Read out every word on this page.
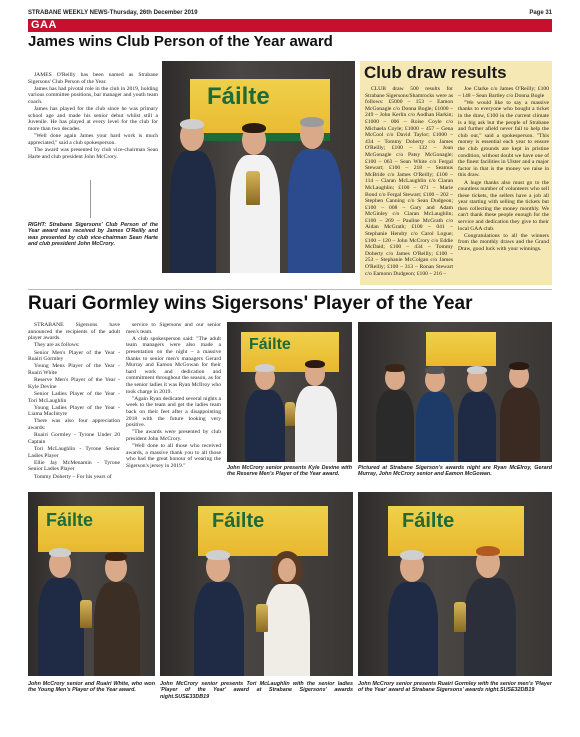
STRABANE WEEKLY NEWS-Thursday, 26th December 2019	Page 31
GAA
James wins Club Person of the Year award

JAMES O'Reilly has been named as Strabane Sigersons' Club Person of the Year.

James has had pivotal role in the club in 2019, holding various committee positions, bar manager and youth team coach.

James has played for the club since he was primary school age and made his senior debut whilst still a Juvenile. He has played at every level for the club for more than two decades.

"Well done again James your hard work is much appreciated," said a club spokesperson.

The award was presented by club vice-chairman Sean Harte and club president John McCrory.

Fáilte
RIGHT: Strabane Sigersons' Club Person of the Year award was received by James O'Reilly and was presented by club vice-chairman Sean Harte and club president John McCrory.
Club draw results

CLUB draw 500 results for Strabane Sigersons/Shamrocks were as follows: £5000 – 153 – Eamon McGonagle c/o Donna Bogle; £1000 – 249 – John Kerlin c/o Aodhan Harkin; £1000 – 006 – Roise Coyle c/o Michaela Coyle; £1000 – 457 – Gena McCool c/o David Taylor; £1000 – 434 – Tommy Doherty c/o James O'Reilly; £100 – 132 – Joan McGonagle c/o Patsy McGonagle; £100 – 063 – Sean White c/o Fergal Stewart; £100 – 218 – Seamus McBride c/o James O'Reilly; £100 – 114 – Ciaran McLaughlin c/o Ciaran McLaughlin; £100 – 071 – Marie Bond c/o Fergal Stewart; £100 – 202 – Stephen Canning c/o Sean Dudgeon; £100 – 008 – Gary and Adam McGinley c/o Ciaran McLaughlin; £100 – 269 – Pauline McGrath c/o Aidan McGrath; £100 – 041 – Stephanie Hendry c/o Carol Logue; £100 – 120 – John McCrory c/o Eddie McDaid; £100 – 434 – Tommy Doherty c/o James O'Reilly; £100 – 253 – Stephanie McColgan c/o James O'Reilly; £100 – 313 – Ronan Stewart c/o Eamonn Dudgeon; £100 – 216 –

Joe Clarke c/o James O'Reilly; £100 – 148 – Sean Bartley c/o Donna Bogle

"We would like to say a massive thanks to everyone who bought a ticket in the draw, £100 in the current climate is a big ask but the people of Strabane and further afield never fail to help the club out," said a spokesperson. "This money is essential each year to ensure the club grounds are kept in pristine condition, without doubt we have one of the finest facilities in Ulster and a major factor in that is the money we raise in this draw.

A huge thanks also must go to the countless number of volunteers who sell these tickets, the sellers have a job all year starting with selling the tickets but then collecting the money monthly. We can't thank these people enough for the service and dedication they give to their local GAA club.

Congratulations to all the winners from the monthly draws and the Grand Draw, good luck with your winnings.

Ruari Gormley wins Sigersons' Player of the Year

STRABANE Sigersons have announced the recipients of the adult player awards.

They are as follows:

Senior Men's Player of the Year - Ruairi Gormley

Young Mens Player of the Year - Ruairi White

Reserve Men's Player of the Year - Kyle Devine

Senior Ladies Player of the Year - Tori McLaughlin

Young Ladies Player of the Year - Liama MacIntyre

There was also four appreciation awards:

Ruairi Gormley - Tyrone Under 20 Captain

Tori McLaughlin - Tyrone Senior Ladies Player

Ellie Jay McMenamin - Tyrone Senior Ladies Player

Tommy Doherty – For his years of

service to Sigersons and our senior men's team.

A club spokesperson said: "The adult team managers were also made a presentation on the night – a massive thanks to senior men's managers Gerard Murray and Eamon McGowan for their hard work and dedication and commitment throughout the season, as for the senior ladies it was Ryan McIlroy who took charge in 2019.

"Again Ryan dedicated several nights a week to the team and get the ladies team back on their feet after a disappointing 2018 with the future looking very positive.

"The awards were presented by club president John McCrory.

"Well done to all those who received awards, a massive thank you to all those who had the great honour of wearing the Sigerson's jersey in 2019."

Fáilte
John McCrory senior presents Kyle Devine with the Reserve Men's Player of the Year award.
Pictured at Strabane Sigerson's awards night are Ryan McElroy, Gerard Murray, John McCrory senior and Eamon McGowan.
Fáilte
John McCrory senior and Ruairi White, who won the Young Men's Player of the Year award.
Fáilte
John McCrory senior presents Tori McLaughlin with the senior ladies 'Player of the Year' award at Strabane Sigersons' awards night.SUSE33DB19
Fáilte
John McCrory senior presents Ruairi Gormley with the senior men's 'Player of the Year' award at Strabane Sigersons' awards night.SUSE32DB19
